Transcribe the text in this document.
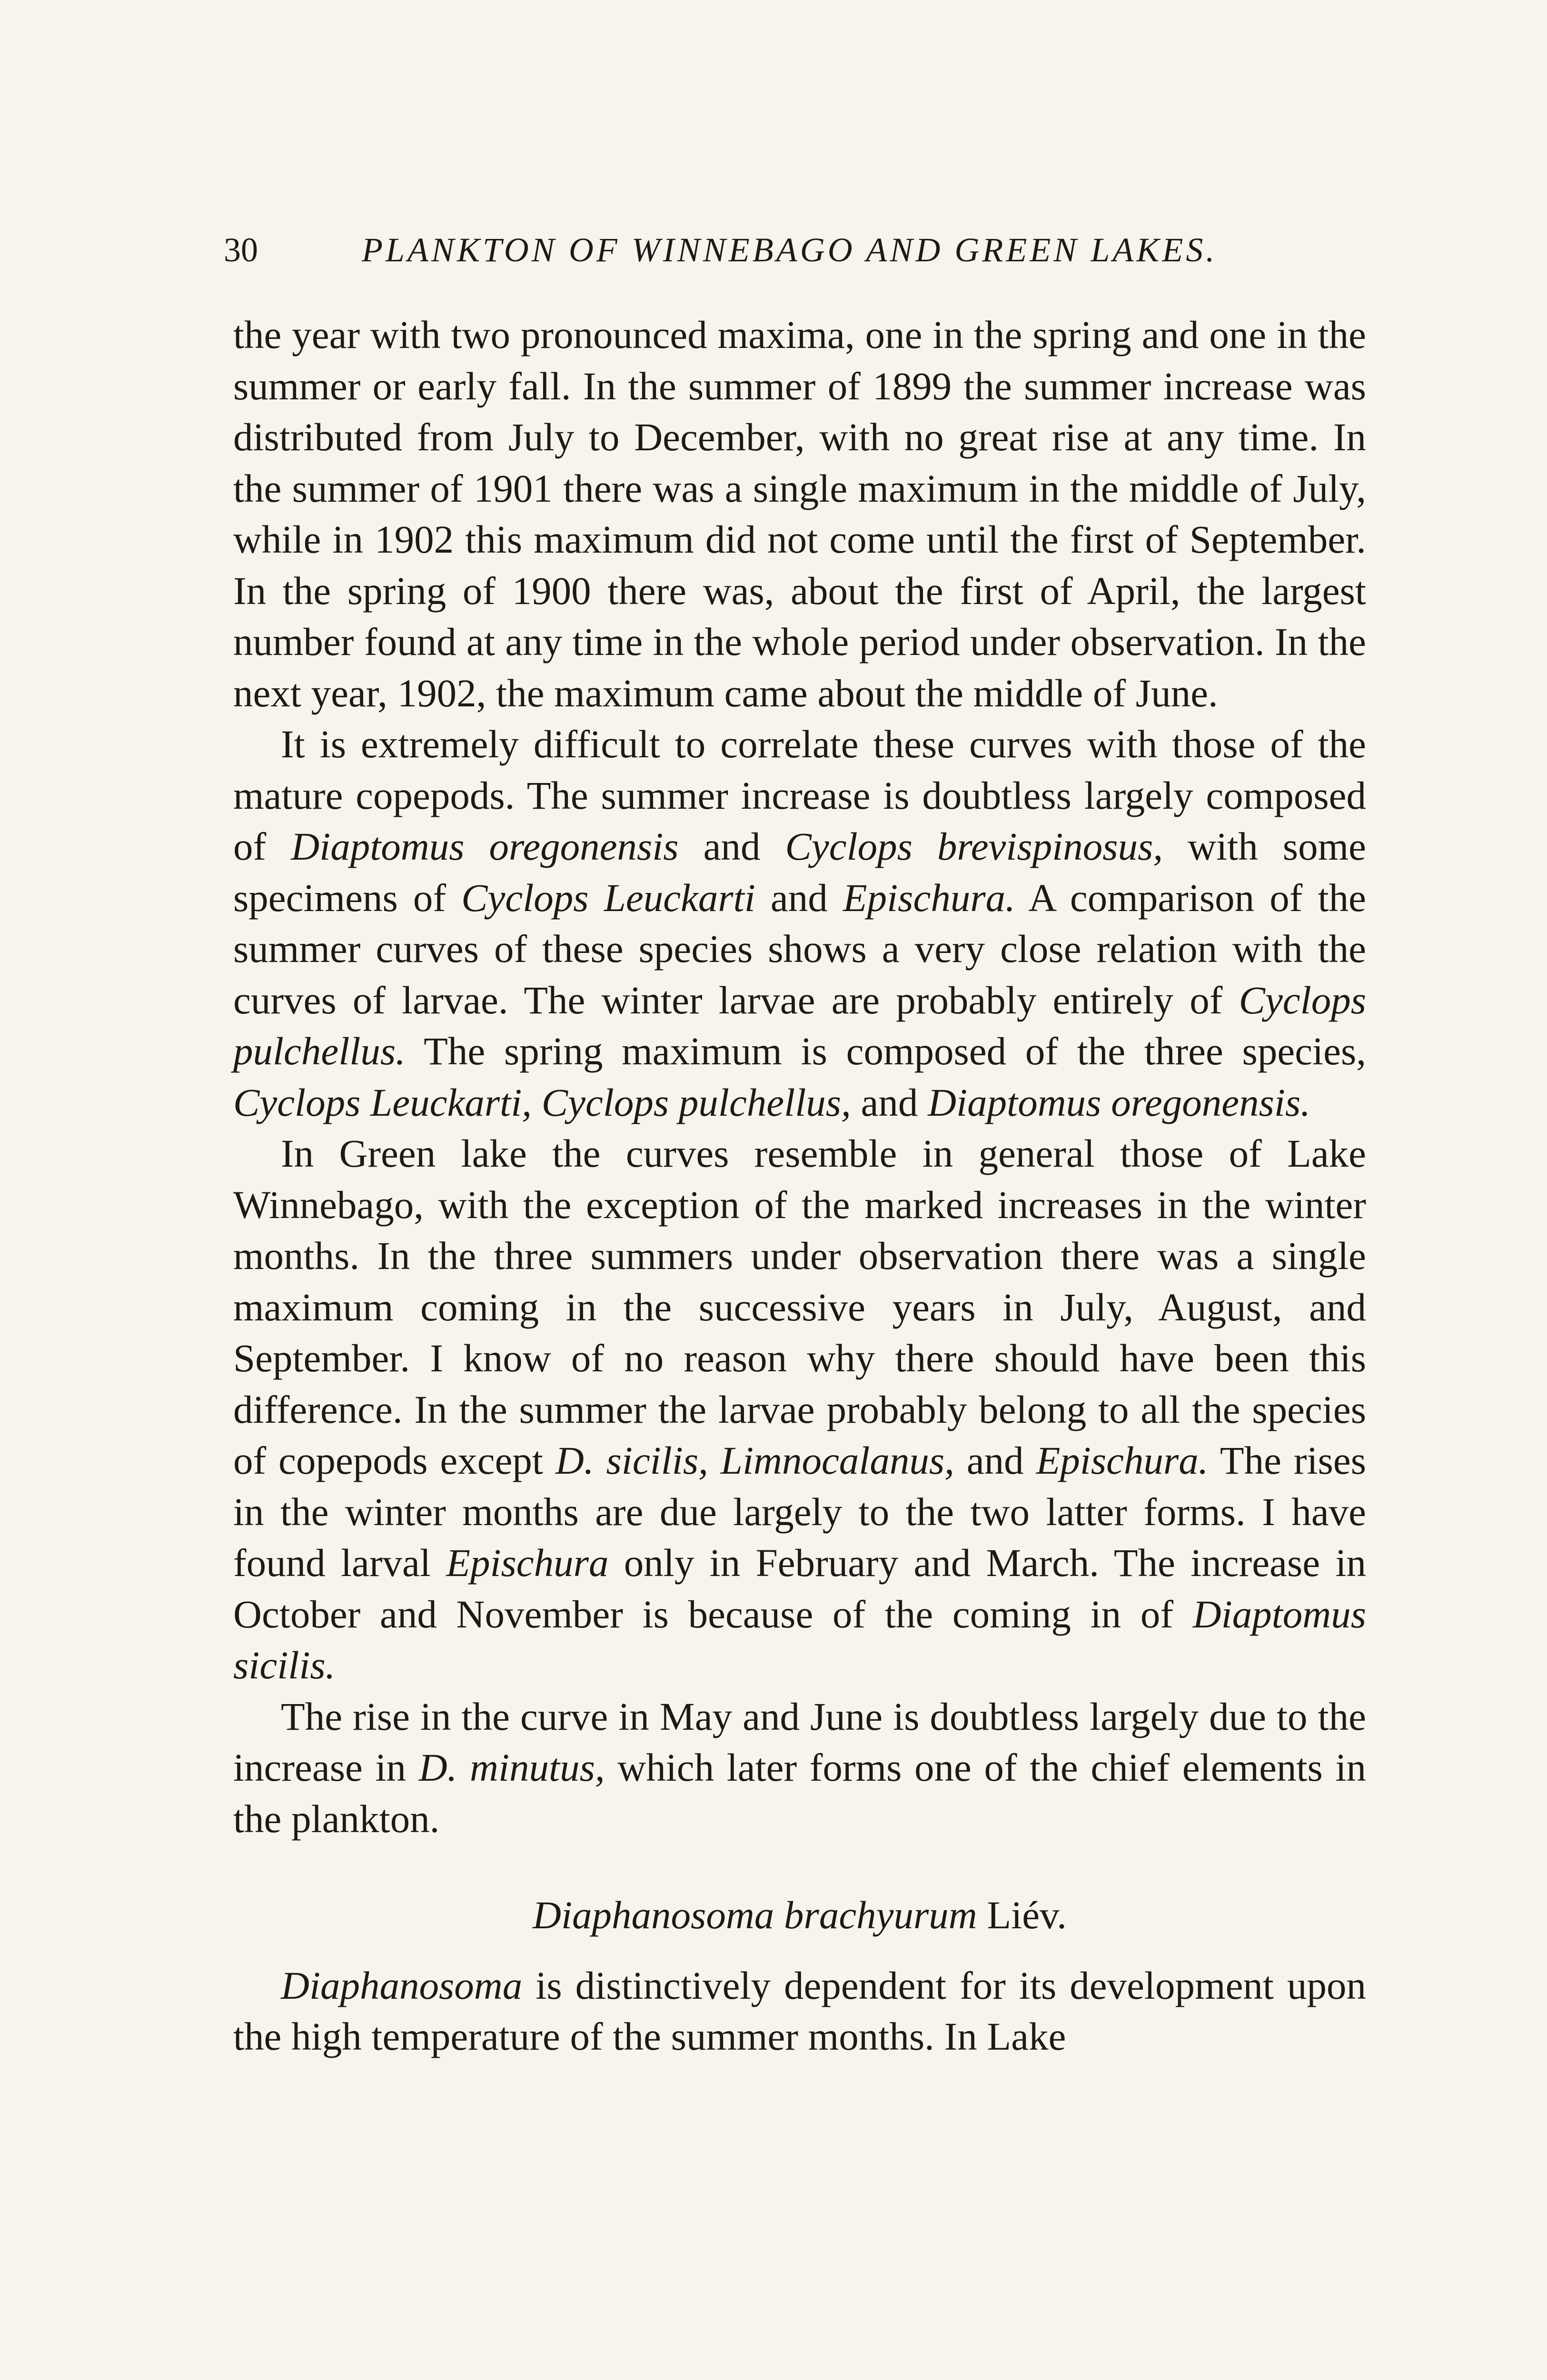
30	PLANKTON OF WINNEBAGO AND GREEN LAKES.

the year with two pronounced maxima, one in the spring and one in the summer or early fall. In the summer of 1899 the summer increase was distributed from July to December, with no great rise at any time. In the summer of 1901 there was a single maximum in the middle of July, while in 1902 this maximum did not come until the first of September. In the spring of 1900 there was, about the first of April, the largest number found at any time in the whole period under observation. In the next year, 1902, the maximum came about the middle of June.

It is extremely difficult to correlate these curves with those of the mature copepods. The summer increase is doubtless largely composed of Diaptomus oregonensis and Cyclops brevispinosus, with some specimens of Cyclops Leuckarti and Epischura. A comparison of the summer curves of these species shows a very close relation with the curves of larvae. The winter larvae are probably entirely of Cyclops pulchellus. The spring maximum is composed of the three species, Cyclops Leuckarti, Cyclops pulchellus, and Diaptomus oregonensis.

In Green lake the curves resemble in general those of Lake Winnebago, with the exception of the marked increases in the winter months. In the three summers under observation there was a single maximum coming in the successive years in July, August, and September. I know of no reason why there should have been this difference. In the summer the larvae probably belong to all the species of copepods except D. sicilis, Limnocalanus, and Epischura. The rises in the winter months are due largely to the two latter forms. I have found larval Epischura only in February and March. The increase in October and November is because of the coming in of Diaptomus sicilis.

The rise in the curve in May and June is doubtless largely due to the increase in D. minutus, which later forms one of the chief elements in the plankton.

Diaphanosoma brachyurum Liév.

Diaphanosoma is distinctively dependent for its development upon the high temperature of the summer months. In Lake
